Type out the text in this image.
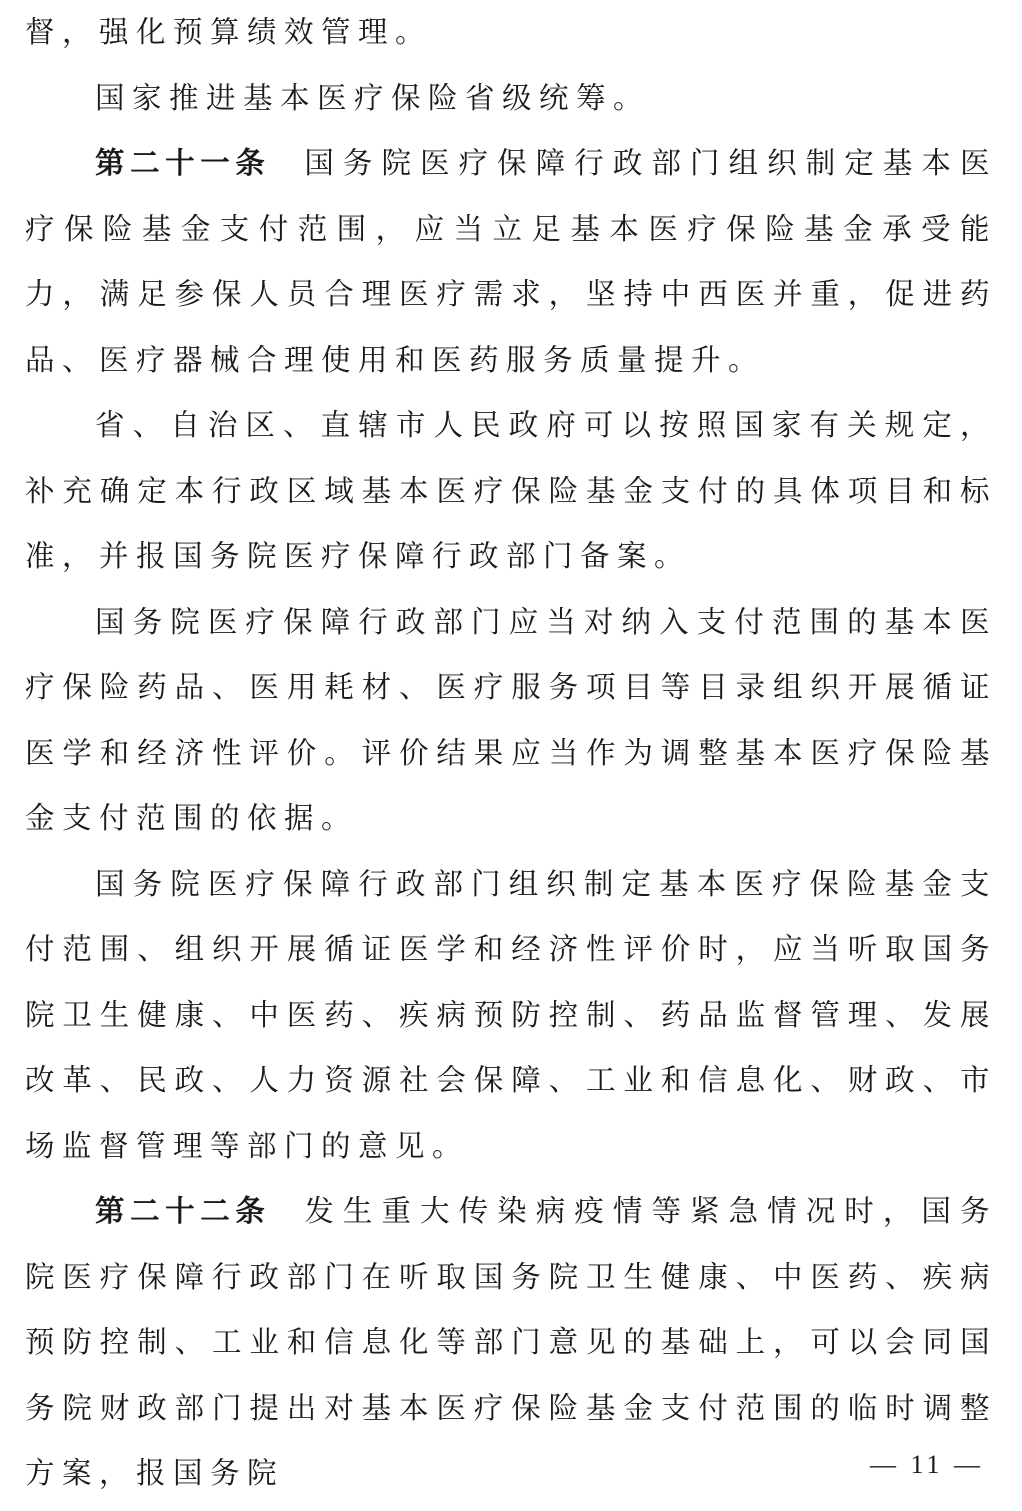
督，强化预算绩效管理。

国家推进基本医疗保险省级统筹。

第二十一条 国务院医疗保障行政部门组织制定基本医疗保险基金支付范围，应当立足基本医疗保险基金承受能力，满足参保人员合理医疗需求，坚持中西医并重，促进药品、医疗器械合理使用和医药服务质量提升。

省、自治区、直辖市人民政府可以按照国家有关规定，补充确定本行政区域基本医疗保险基金支付的具体项目和标准，并报国务院医疗保障行政部门备案。

国务院医疗保障行政部门应当对纳入支付范围的基本医疗保险药品、医用耗材、医疗服务项目等目录组织开展循证医学和经济性评价。评价结果应当作为调整基本医疗保险基金支付范围的依据。

国务院医疗保障行政部门组织制定基本医疗保险基金支付范围、组织开展循证医学和经济性评价时，应当听取国务院卫生健康、中医药、疾病预防控制、药品监督管理、发展改革、民政、人力资源社会保障、工业和信息化、财政、市场监督管理等部门的意见。

第二十二条 发生重大传染病疫情等紧急情况时，国务院医疗保障行政部门在听取国务院卫生健康、中医药、疾病预防控制、工业和信息化等部门意见的基础上，可以会同国务院财政部门提出对基本医疗保险基金支付范围的临时调整方案，报国务院	— 11 —
